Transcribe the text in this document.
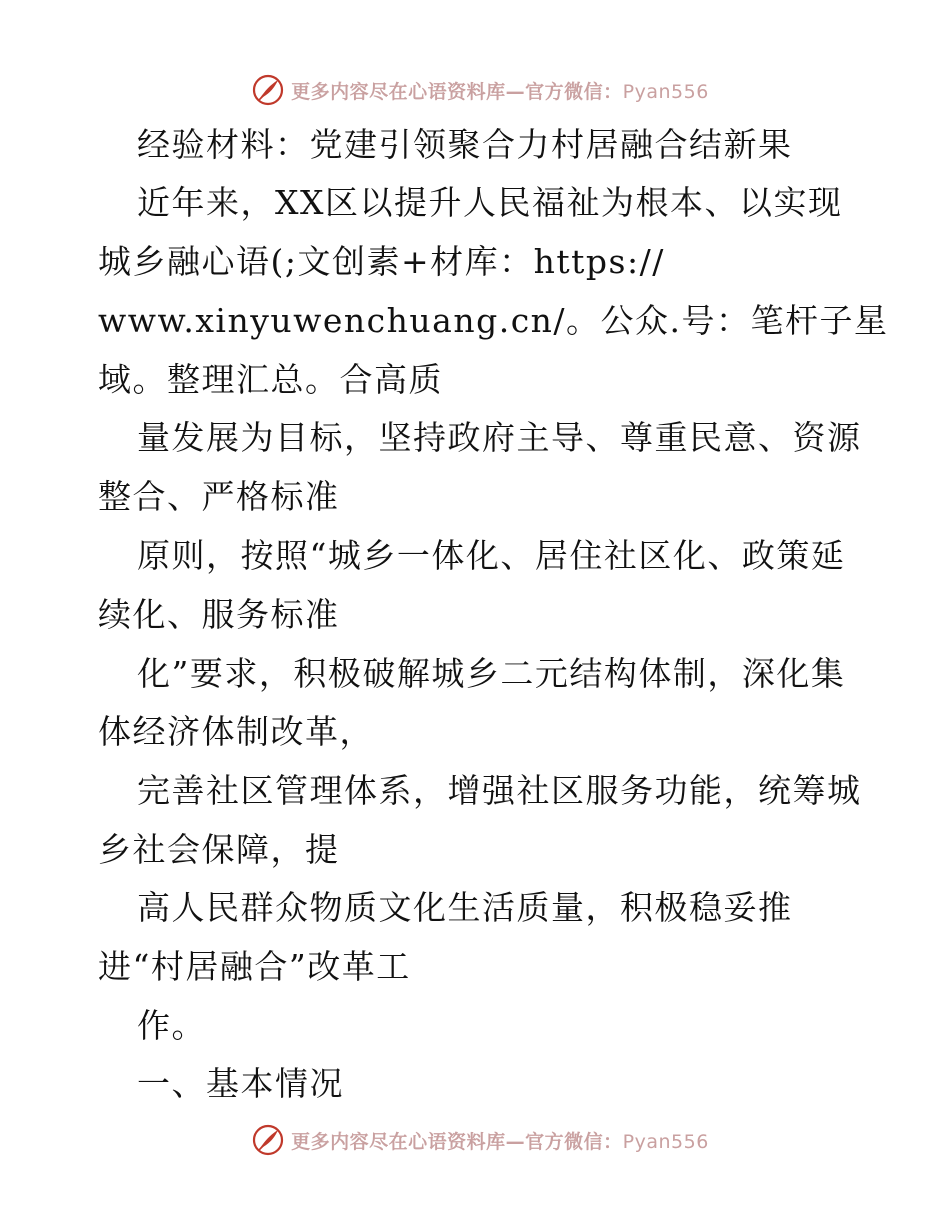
更多内容尽在心语资料库—官方微信：Pyan556
经验材料：党建引领聚合力村居融合结新果
近年来，XX区以提升人民福祉为根本、以实现
城乡融心语(;文创素+材库：https://
www.xinyuwenchuang.cn/。公众.号：笔杆子星
域。整理汇总。合高质
量发展为目标，坚持政府主导、尊重民意、资源
整合、严格标准
原则，按照“城乡一体化、居住社区化、政策延
续化、服务标准
化”要求，积极破解城乡二元结构体制，深化集
体经济体制改革，
完善社区管理体系，增强社区服务功能，统筹城
乡社会保障，提
高人民群众物质文化生活质量，积极稳妥推
进“村居融合”改革工
作。
一、基本情况
更多内容尽在心语资料库—官方微信：Pyan556
